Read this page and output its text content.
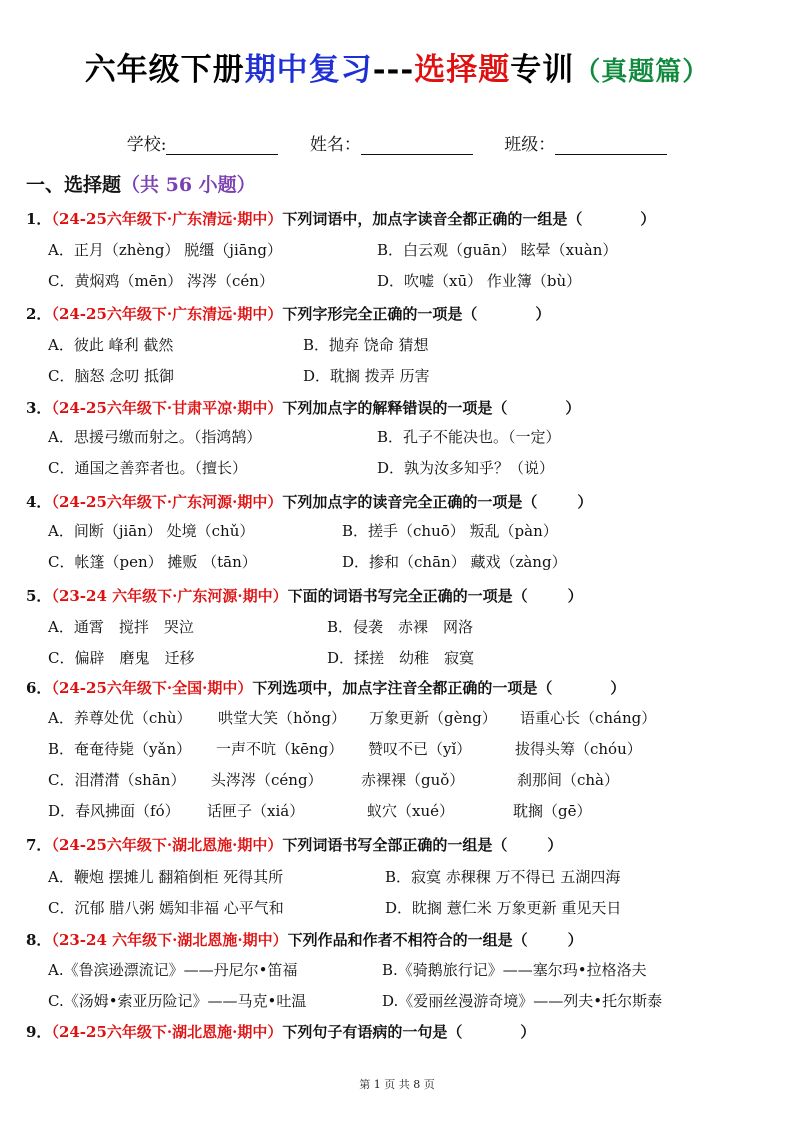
六年级下册期中复习---选择题专训（真题篇）
学校:	姓名：	班级：
一、选择题（共 56 小题）
1．（24-25六年级下·广东清远·期中）下列词语中，加点字读音全都正确的一组是（	）
A．正月（zhèng） 脱缰（jiāng）	B．白云观（guān） 眩晕（xuàn）
C．黄焖鸡（mēn） 涔涔（cén）	D．吹嘘（xū） 作业簿（bù）
2．（24-25六年级下·广东清远·期中）下列字形完全正确的一项是（	）
A．彼此 峰利 截然	B．抛弃 饶命 猜想
C．脑怒 念叨 抵御	D．耽搁 拨弄 历害
3．（24-25六年级下·甘肃平凉·期中）下列加点字的解释错误的一项是（	）
A．思援弓缴而射之。（指鸿鹄）	B．孔子不能决也。（一定）
C．通国之善弈者也。（擅长）	D．孰为汝多知乎？（说）
4．（24-25六年级下·广东河源·期中）下列加点字的读音完全正确的一项是（	）
A．间断（jiān） 处境（chǔ）	B．搓手（chuō） 叛乱（pàn）
C．帐篷（pen） 摊贩 （tān）	D．掺和（chān） 藏戏（zàng）
5．（23-24 六年级下·广东河源·期中）下面的词语书写完全正确的一项是（	）
A．通霄　搅拌　哭泣	B．侵袭　赤裸　网洛
C．偏辟　磨鬼　迁移	D．揉搓　幼稚　寂寞
6．（24-25六年级下·全国·期中）下列选项中，加点字注音全都正确的一项是（	）
A．养尊处优（chù） 哄堂大笑（hǒng） 万象更新（gèng） 语重心长（cháng）
B．奄奄待毙（yǎn） 一声不吭（kēng） 赞叹不已（yǐ）	拔得头筹（chóu）
C．泪潸潸（shān） 头涔涔（céng）	赤裸裸（guǒ）	刹那间（chà）
D．春风拂面（fó） 话匣子（xiá）	蚁穴（xué）	耽搁（gē）
7．（24-25六年级下·湖北恩施·期中）下列词语书写全部正确的一组是（	）
A．鞭炮 摆摊儿 翻箱倒柜 死得其所	B．寂寞 赤稞稞 万不得已 五湖四海
C．沉郁 腊八粥 嫣知非福 心平气和	D．眈搁 薏仁米 万象更新 重见天日
8．（23-24 六年级下·湖北恩施·期中）下列作品和作者不相符合的一组是（	）
A.《鲁滨逊漂流记》——丹尼尔•笛福	B.《骑鹅旅行记》——塞尔玛•拉格洛夫
C.《汤姆•索亚历险记》——马克•吐温	D.《爱丽丝漫游奇境》——列夫•托尔斯泰
9．（24-25六年级下·湖北恩施·期中）下列句子有语病的一句是（	）
第 1 页 共 8 页
